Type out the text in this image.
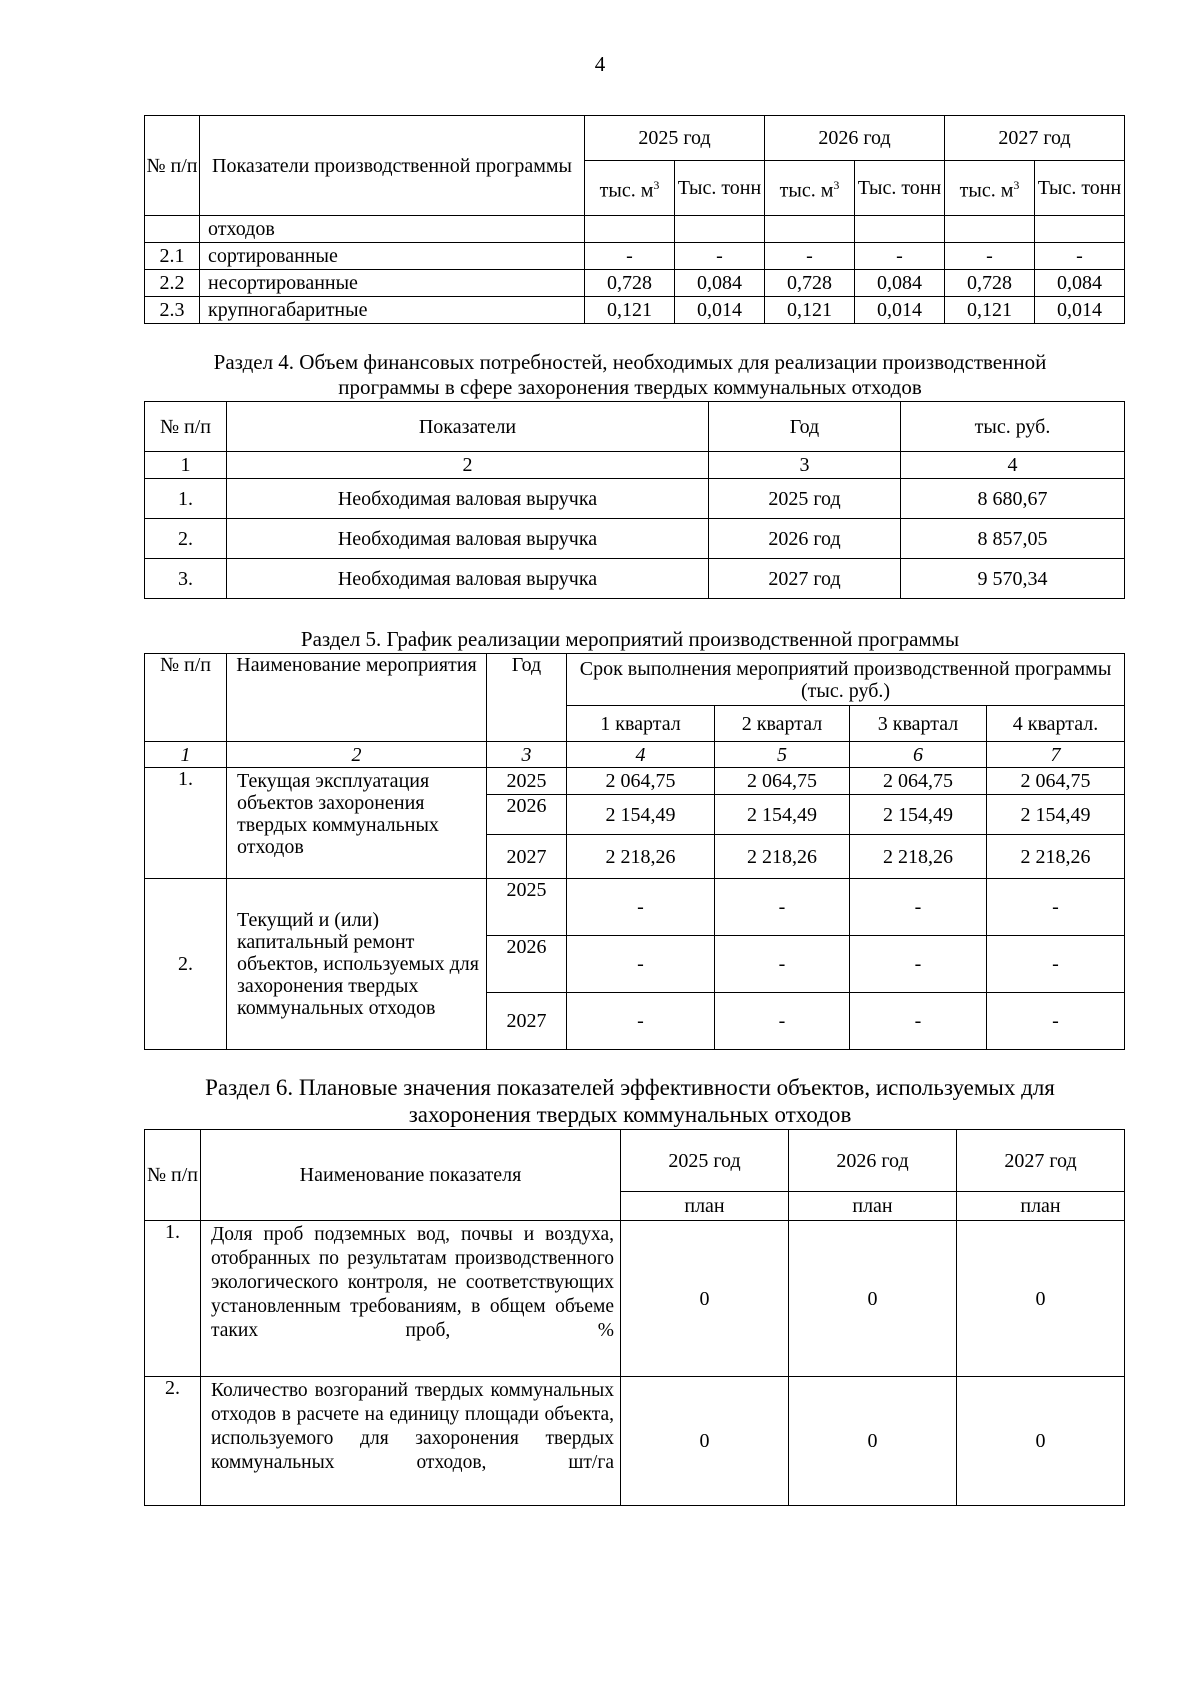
4
№ п/п	Показатели производственной программы	2025 год		2026 год		2027 год	
		тыс. $м^3$	Тыс. тонн	тыс. $м^3$	Тыс. тонн	тыс. $м^3$	Тыс. тонн
	отходов						
2.1	сортированные	-	-	-	-	-	-
2.2	несортированные	0,728	0,084	0,728	0,084	0,728	0,084
2.3	крупногабаритные	0,121	0,014	0,121	0,014	0,121	0,014
Раздел 4. Объем финансовых потребностей, необходимых для реализации производственной
программы в сфере захоронения твердых коммунальных отходов
№ п/п	Показатели	Год	тыс. руб.
1	2	3	4
1.	Необходимая валовая выручка	2025 год	8 680,67
2.	Необходимая валовая выручка	2026 год	8 857,05
3.	Необходимая валовая выручка	2027 год	9 570,34
Раздел 5. График реализации мероприятий производственной программы
№ п/п	Наименование мероприятия	Год	Срок выполнения мероприятий производственной программы (тыс. руб.)			
			1 квартал	2 квартал	3 квартал	4 квартал.
1	2	3	4	5	6	7
1.	Текущая эксплуатация объектов захоронения твердых коммунальных отходов	2025	2 064,75	2 064,75	2 064,75	2 064,75
		2026	2 154,49	2 154,49	2 154,49	2 154,49
		2027	2 218,26	2 218,26	2 218,26	2 218,26
2.	Текущий и (или) капитальный ремонт объектов, используемых для захоронения твердых коммунальных отходов	2025	-	-	-	-
		2026	-	-	-	-
		2027	-	-	-	-
Раздел 6. Плановые значения показателей эффективности объектов, используемых для
захоронения твердых коммунальных отходов
№ п/п	Наименование показателя	2025 год	2026 год	2027 год
		план	план	план
1.	Доля проб подземных вод, почвы и воздуха, отобранных по результатам производственного экологического контроля, не соответствующих установленным требованиям, в общем объеме таких проб, %	0	0	0
2.	Количество возгораний твердых коммунальных отходов в расчете на единицу площади объекта, используемого для захоронения твердых коммунальных отходов, шт/га	0	0	0
